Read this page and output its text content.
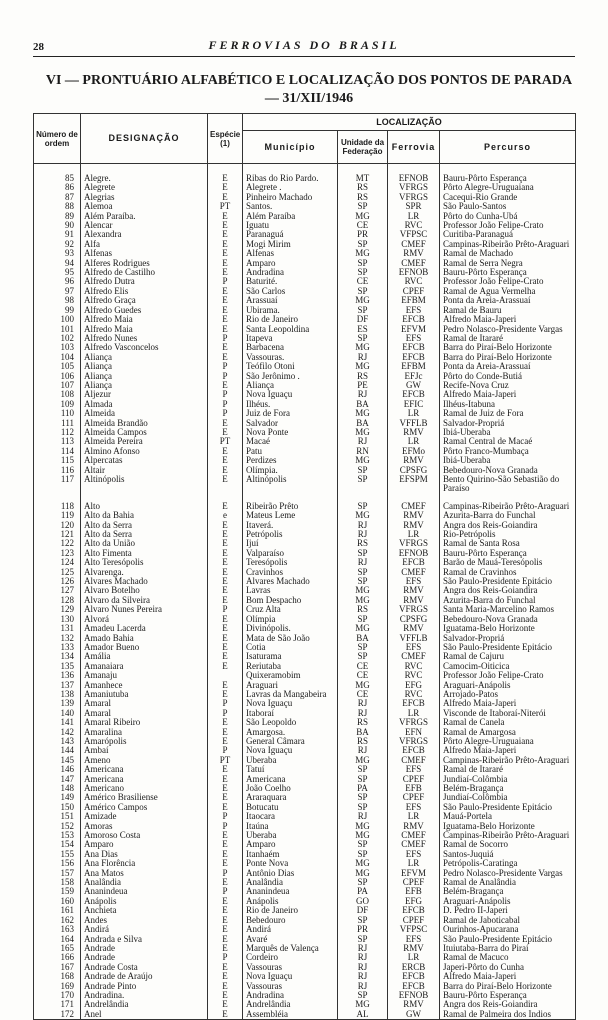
28	FERROVIAS DO BRASIL
VI — PRONTUÁRIO ALFABÉTICO E LOCALIZAÇÃO DOS PONTOS DE PARADA
— 31/XII/1946
Número de ordem	DESIGNAÇÃO	Espécie (1)	LOCALIZAÇÃO			
			Município	Unidade da Federação	Ferrovia	Percurso
85	Alegre.	E	Ribas do Rio Pardo.	MT	EFNOB	Bauru-Pôrto Esperança
86	Alegrete	E	Alegrete .	RS	VFRGS	Pôrto Alegre-Uruguaiana
87	Alegrias	E	Pinheiro Machado	RS	VFRGS	Cacequi-Rio Grande
88	Alemoa	PT	Santos.	SP	SPR	São Paulo-Santos
89	Além Paraíba.	E	Além Paraíba	MG	LR	Pôrto do Cunha-Ubá
90	Alencar	E	Iguatu	CE	RVC	Professor João Felipe-Crato
91	Alexandra	E	Paranaguá	PR	VFPSC	Curitiba-Paranaguá
92	Alfa	E	Mogi Mirim	SP	CMEF	Campinas-Ribeirão Prêto-Araguari
93	Alfenas	E	Alfenas	MG	RMV	Ramal de Machado
94	Alferes Rodrigues	E	Amparo	SP	CMEF	Ramal de Serra Negra
95	Alfredo de Castilho	E	Andradina	SP	EFNOB	Bauru-Pôrto Esperança
96	Alfredo Dutra	P	Baturité.	CE	RVC	Professor João Felipe-Crato
97	Alfredo Elis	E	São Carlos	SP	CPEF	Ramal de Água Vermelha
98	Alfredo Graça	E	Arassuaí	MG	EFBM	Ponta da Areia-Arassuaí
99	Alfredo Guedes	E	Ubirama.	SP	EFS	Ramal de Bauru
100	Alfredo Maia	E	Rio de Janeiro	DF	EFCB	Alfredo Maia-Japeri
101	Alfredo Maia	E	Santa Leopoldina	ES	EFVM	Pedro Nolasco-Presidente Vargas
102	Alfredo Nunes	P	Itapeva	SP	EFS	Ramal de Itararé
103	Alfredo Vasconcelos	E	Barbacena	MG	EFCB	Barra do Piraí-Belo Horizonte
104	Aliança	E	Vassouras.	RJ	EFCB	Barra do Piraí-Belo Horizonte
105	Aliança	P	Teófilo Otoni	MG	EFBM	Ponta da Areia-Arassuaí
106	Aliança	P	São Jerônimo .	RS	EFJc	Pôrto do Conde-Butiá
107	Aliança	E	Aliança	PE	GW	Recife-Nova Cruz
108	Aljezur	P	Nova Iguaçu	RJ	EFCB	Alfredo Maia-Japeri
109	Almada	P	Ilhéus.	BA	EFIC	Ilhéus-Itabuna
110	Almeida	P	Juiz de Fora	MG	LR	Ramal de Juiz de Fora
111	Almeida Brandão	E	Salvador	BA	VFFLB	Salvador-Propriá
112	Almeida Campos	E	Nova Ponte	MG	RMV	Ibiá-Uberaba
113	Almeida Pereira	PT	Macaé	RJ	LR	Ramal Central de Macaé
114	Almino Afonso	E	Patu	RN	EFMo	Pôrto Franco-Mumbaça
115	Alpercatas	E	Perdizes	MG	RMV	Ibiá-Uberaba
116	Altair	E	Olímpia.	SP	CPSFG	Bebedouro-Nova Granada
117	Altinópolis	E	Altinópolis	SP	EFSPM	Bento Quirino-São Sebastião do Paraíso

118	Alto	E	Ribeirão Prêto	SP	CMEF	Campinas-Ribeirão Prêto-Araguari
119	Alto da Bahia	e	Mateus Leme	MG	RMV	Azurita-Barra do Funchal
120	Alto da Serra	E	Itaverá.	RJ	RMV	Angra dos Reis-Goiandira
121	Alto da Serra	E	Petrópolis	RJ	LR	Rio-Petrópolis
122	Alto da União	E	Ijuí	RS	VFRGS	Ramal de Santa Rosa
123	Alto Fimenta	E	Valparaíso	SP	EFNOB	Bauru-Pôrto Esperança
124	Alto Teresópolis	E	Teresópolis	RJ	EFCB	Barão de Mauá-Teresópolis
125	Alvarenga.	E	Cravinhos	SP	CMEF	Ramal de Cravinhos
126	Álvares Machado	E	Álvares Machado	SP	EFS	São Paulo-Presidente Epitácio
127	Álvaro Botelho	E	Lavras	MG	RMV	Angra dos Reis-Goiandira
128	Álvaro da Silveira	E	Bom Despacho	MG	RMV	Azurita-Barra do Funchal
129	Álvaro Nunes Pereira	P	Cruz Alta	RS	VFRGS	Santa Maria-Marcelino Ramos
130	Alvorá	E	Olímpia	SP	CPSFG	Bebedouro-Nova Granada
131	Amadeu Lacerda	E	Divinópolis.	MG	RMV	Iguatama-Belo Horizonte
132	Amado Bahia	E	Mata de São João	BA	VFFLB	Salvador-Propriá
133	Amador Bueno	E	Cotia	SP	EFS	São Paulo-Presidente Epitácio
134	Amália	E	Isaturama	SP	CMEF	Ramal de Cajuru
135	Amanaiara	E	Reriutaba	CE	RVC	Camocim-Oiticica
136	Amanaju		Quixeramobim	CE	RVC	Professor João Felipe-Crato
137	Amanhece	E	Araguari	MG	EFG	Araguari-Anápolis
138	Amaniutuba	E	Lavras da Mangabeira	CE	RVC	Arrojado-Patos
139	Amaral	P	Nova Iguaçu	RJ	EFCB	Alfredo Maia-Japeri
140	Amaral	P	Itaboraí	RJ	LR	Visconde de Itaboraí-Niterói
141	Amaral Ribeiro	E	São Leopoldo	RS	VFRGS	Ramal de Canela
142	Amaralina	E	Amargosa.	BA	EFN	Ramal de Amargosa
143	Amarópolis	E	General Câmara	RS	VFRGS	Pôrto Alegre-Uruguaiana
144	Ambaí	P	Nova Iguaçu	RJ	EFCB	Alfredo Maia-Japeri
145	Ameno	PT	Uberaba	MG	CMEF	Campinas-Ribeirão Prêto-Araguari
146	Americana	E	Tatuí	SP	EFS	Ramal de Itararé
147	Americana	E	Americana	SP	CPEF	Jundiaí-Colômbia
148	Americano	E	João Coelho	PA	EFB	Belém-Bragança
149	Américo Brasiliense	E	Araraquara	SP	CPEF	Jundiaí-Colômbia
150	Américo Campos	E	Botucatu	SP	EFS	São Paulo-Presidente Epitácio
151	Amizade	P	Itaocara	RJ	LR	Mauá-Portela
152	Amoras	P	Itaúna	MG	RMV	Iguatama-Belo Horizonte
153	Amoroso Costa	E	Uberaba	MG	CMEF	Campinas-Ribeirão Prêto-Araguari
154	Amparo	E	Amparo	SP	CMEF	Ramal de Socorro
155	Ana Dias	E	Itanhaém	SP	EFS	Santos-Juquiá
156	Ana Florência	E	Ponte Nova	MG	LR	Petrópolis-Caratinga
157	Ana Matos	P	Antônio Dias	MG	EFVM	Pedro Nolasco-Presidente Vargas
158	Analândia	E	Analândia	SP	CPEF	Ramal de Analândia
159	Ananindeua	P	Ananindeua	PA	EFB	Belém-Bragança
160	Anápolis	E	Anápolis	GO	EFG	Araguari-Anápolis
161	Anchieta	E	Rio de Janeiro	DF	EFCB	D. Pedro II-Japeri
162	Andes	E	Bebedouro	SP	CPEF	Ramal de Jaboticabal
163	Andirá	E	Andirá	PR	VFPSC	Ourinhos-Apucarana
164	Andrada e Silva	E	Avaré	SP	EFS	São Paulo-Presidente Epitácio
165	Andrade	E	Marquês de Valença	RJ	RMV	Ituiutaba-Barra do Piraí
166	Andrade	P	Cordeiro	RJ	LR	Ramal de Macuco
167	Andrade Costa	E	Vassouras	RJ	ERCB	Japeri-Pôrto do Cunha
168	Andrade de Araújo	E	Nova Iguaçu	RJ	EFCB	Alfredo Maia-Japeri
169	Andrade Pinto	E	Vassouras	RJ	EFCB	Barra do Piraí-Belo Horizonte
170	Andradina.	E	Andradina	SP	EFNOB	Bauru-Pôrto Esperança
171	Andrelândia	E	Andrelândia	MG	RMV	Angra dos Reis-Goiandira
172	Anel	E	Assembléia	AL	GW	Ramal de Palmeira dos Índios
